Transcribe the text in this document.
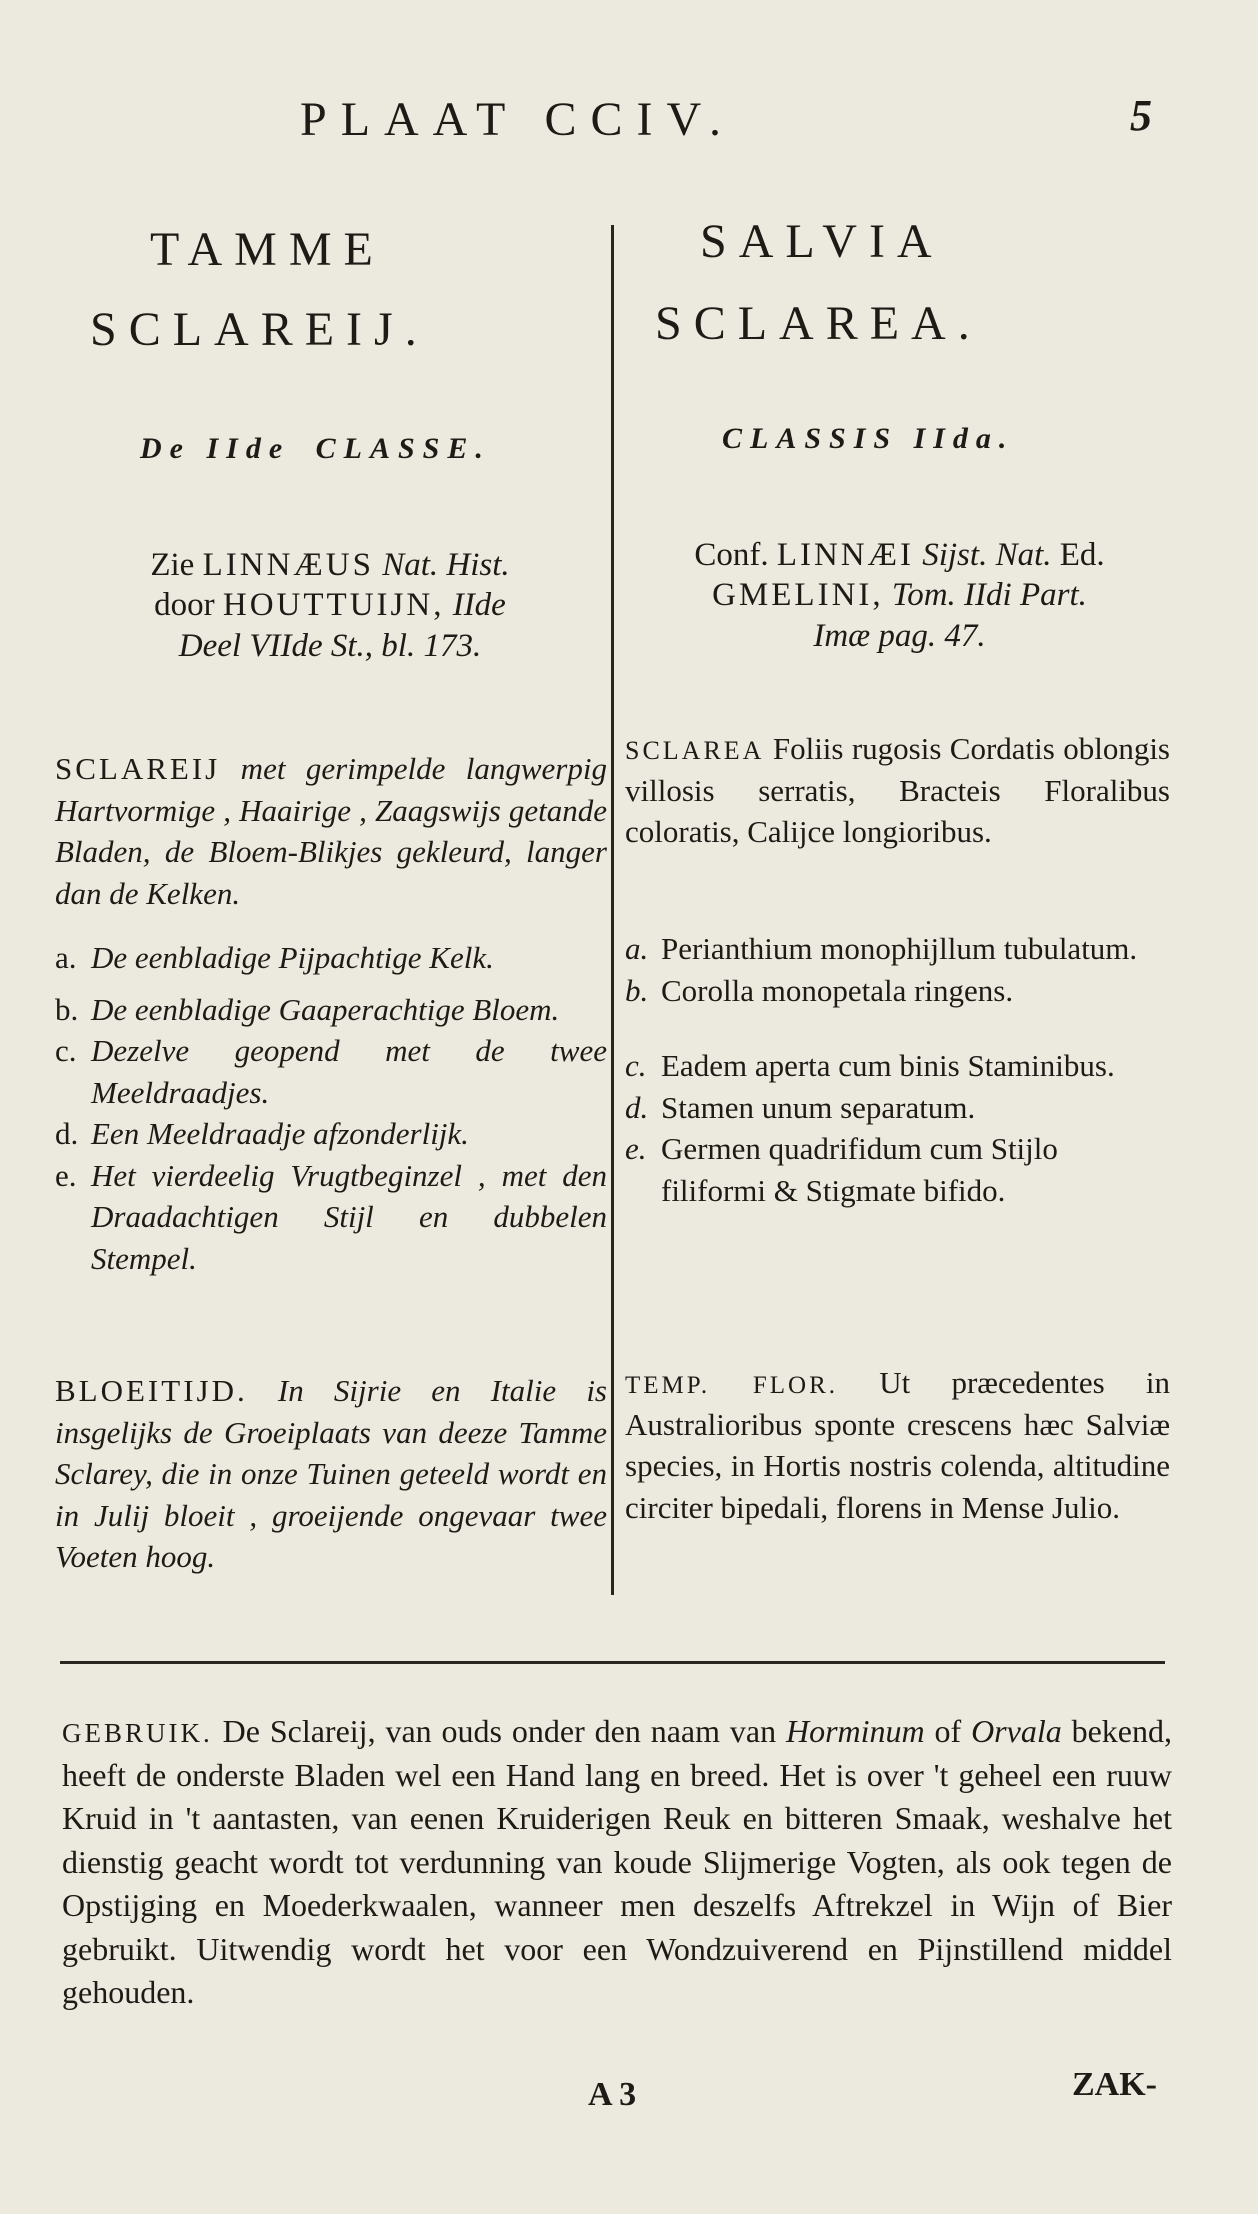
PLAAT CCIV.	5
TAMME
SCLAREIJ.
SALVIA
SCLAREA.
De IIde CLASSE.	CLASSIS IIda.
Zie LINNÆUS Nat. Hist.
door HOUTTUIJN, IIde
Deel VIIde St., bl. 173.
Conf. LINNÆI Sijst. Nat. Ed.
GMELINI, Tom. IIdi Part.
Imæ pag. 47.
SCLAREIJ met gerimpelde langwerpig Hartvormige , Haairige , Zaagswijs getande Bladen, de Bloem-Blikjes gekleurd, langer dan de Kelken.
a. De eenbladige Pijpachtige Kelk.
b. De eenbladige Gaaperachtige Bloem.
c. Dezelve geopend met de twee Meeldraadjes.
d. Een Meeldraadje afzonderlijk.
e. Het vierdeelig Vrugtbeginzel , met den Draadachtigen Stijl en dubbelen Stempel.
BLOEITIJD. In Sijrie en Italie is insgelijks de Groeiplaats van deeze Tamme Sclarey, die in onze Tuinen geteeld wordt en in Julij bloeit , groeijende ongevaar twee Voeten hoog.
SCLAREA Foliis rugosis Cordatis oblongis villosis serratis, Bracteis Floralibus coloratis, Calijce longioribus.
a. Perianthium monophijllum tubulatum.
b. Corolla monopetala ringens.
c. Eadem aperta cum binis Staminibus.
d. Stamen unum separatum.
e. Germen quadrifidum cum Stijlo filiformi & Stigmate bifido.
TEMP. FLOR. Ut præcedentes in Australioribus sponte crescens hæc Salviæ species, in Hortis nostris colenda, altitudine circiter bipedali, florens in Mense Julio.
GEBRUIK. De Sclareij, van ouds onder den naam van Horminum of Orvala bekend, heeft de onderste Bladen wel een Hand lang en breed. Het is over 't geheel een ruuw Kruid in 't aantasten, van eenen Kruiderigen Reuk en bitteren Smaak, weshalve het dienstig geacht wordt tot verdunning van koude Slijmerige Vogten, als ook tegen de Opstijging en Moederkwaalen, wanneer men deszelfs Aftrekzel in Wijn of Bier gebruikt. Uitwendig wordt het voor een Wondzuiverend en Pijnstillend middel gehouden.
A 3	ZAK-
